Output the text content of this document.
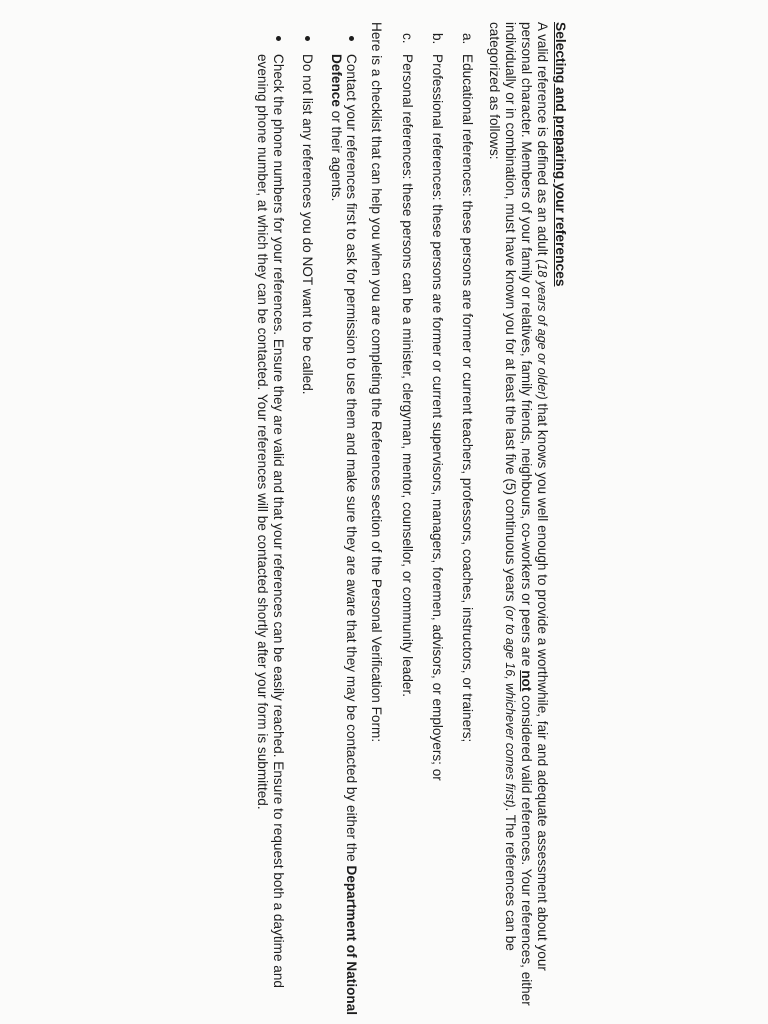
Selecting and preparing your references

A valid reference is defined as an adult (18 years of age or older) that knows you well enough to provide a worthwhile, fair and adequate assessment about your personal character. Members of your family or relatives, family friends, neighbours, co-workers or peers are not considered valid references. Your references, either individually or in combination, must have known you for at least the last five (5) continuous years (or to age 16, whichever comes first). The references can be categorized as follows:

a.
Educational references: these persons are former or current teachers, professors, coaches, instructors, or trainers;
b.
Professional references: these persons are former or current supervisors, managers, foremen, advisors, or employers; or
c.
Personal references: these persons can be a minister, clergyman, mentor, counsellor, or community leader.

Here is a checklist that can help you when you are completing the References section of the Personal Verification Form:

Contact your references first to ask for permission to use them and make sure they are aware that they may be contacted by either the Department of National Defence or their agents.
Do not list any references you do NOT want to be called.
Check the phone numbers for your references. Ensure they are valid and that your references can be easily reached. Ensure to request both a daytime and evening phone number, at which they can be contacted. Your references will be contacted shortly after your form is submitted.
